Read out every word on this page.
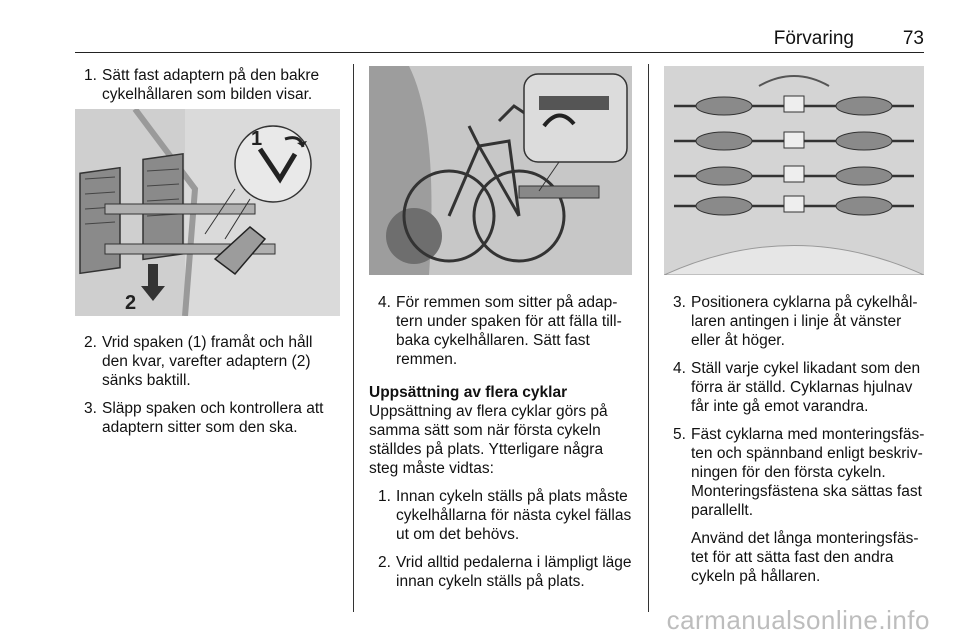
Förvaring	73
1. Sätt fast adaptern på den bakre cykelhållaren som bilden visar.
1
2
2. Vrid spaken (1) framåt och håll den kvar, varefter adaptern (2) sänks baktill.
3. Släpp spaken och kontrollera att adaptern sitter som den ska.
4. För remmen som sitter på adap-tern under spaken för att fälla till-baka cykelhållaren. Sätt fast remmen.
Uppsättning av flera cyklar
Uppsättning av flera cyklar görs på samma sätt som när första cykeln ställdes på plats. Ytterligare några steg måste vidtas:
1. Innan cykeln ställs på plats måste cykelhållarna för nästa cykel fällas ut om det behövs.
2. Vrid alltid pedalerna i lämpligt läge innan cykeln ställs på plats.
3. Positionera cyklarna på cykelhål-laren antingen i linje åt vänster eller åt höger.
4. Ställ varje cykel likadant som den förra är ställd. Cyklarnas hjulnav får inte gå emot varandra.
5. Fäst cyklarna med monteringsfäs-ten och spännband enligt beskriv-ningen för den första cykeln. Monteringsfästena ska sättas fast parallellt.
Använd det långa monteringsfäs-tet för att sätta fast den andra cykeln på hållaren.
carmanualsonline.info
